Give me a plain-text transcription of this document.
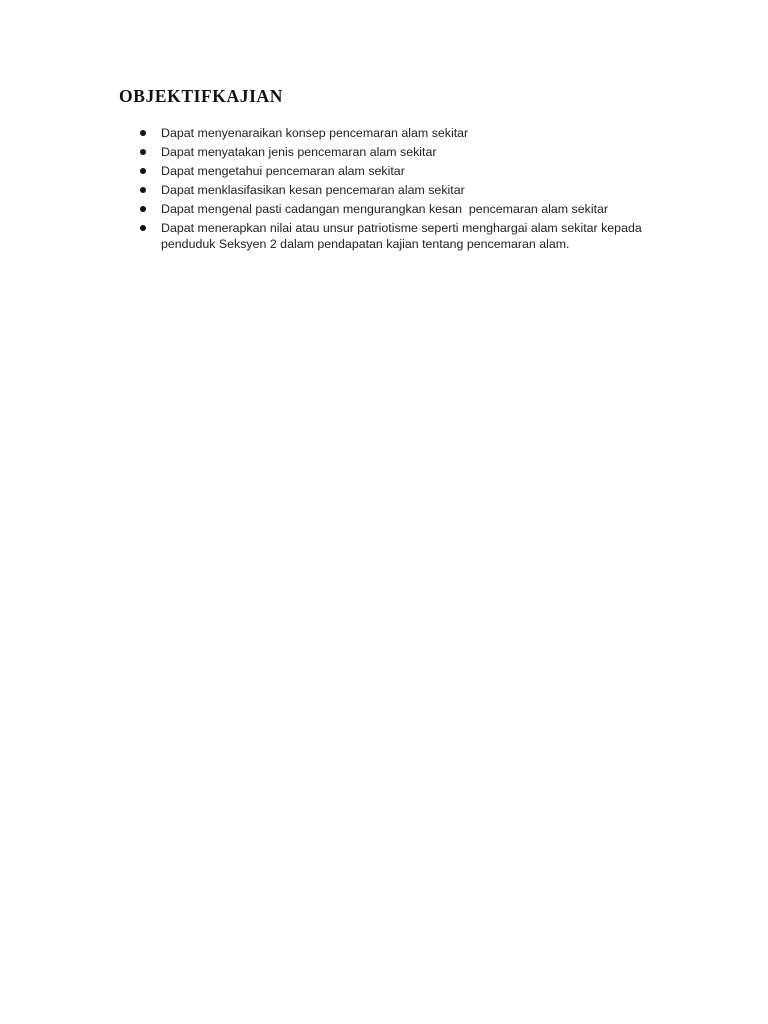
OBJEKTIFKAJIAN
Dapat menyenaraikan konsep pencemaran alam sekitar
Dapat menyatakan jenis pencemaran alam sekitar
Dapat mengetahui pencemaran alam sekitar
Dapat menklasifasikan kesan pencemaran alam sekitar
Dapat mengenal pasti cadangan mengurangkan kesan  pencemaran alam sekitar
Dapat menerapkan nilai atau unsur patriotisme seperti menghargai alam sekitar kepada penduduk Seksyen 2 dalam pendapatan kajian tentang pencemaran alam.
